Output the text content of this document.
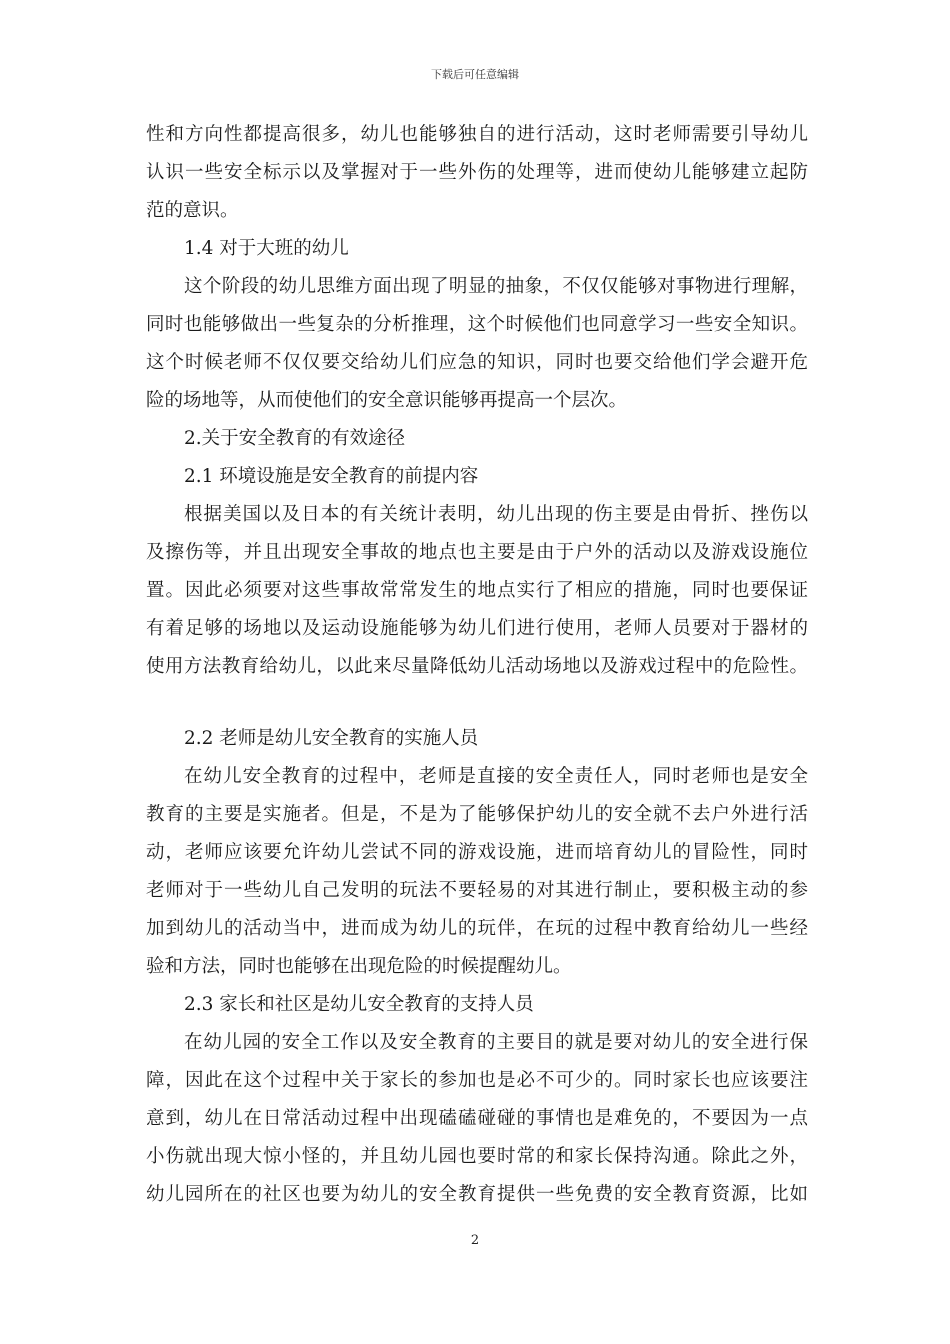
下载后可任意编辑
性和方向性都提高很多，幼儿也能够独自的进行活动，这时老师需要引导幼儿
认识一些安全标示以及掌握对于一些外伤的处理等，进而使幼儿能够建立起防
范的意识。
1.4 对于大班的幼儿
这个阶段的幼儿思维方面出现了明显的抽象，不仅仅能够对事物进行理解，
同时也能够做出一些复杂的分析推理，这个时候他们也同意学习一些安全知识。
这个时候老师不仅仅要交给幼儿们应急的知识，同时也要交给他们学会避开危
险的场地等，从而使他们的安全意识能够再提高一个层次。
2.关于安全教育的有效途径
2.1 环境设施是安全教育的前提内容
根据美国以及日本的有关统计表明，幼儿出现的伤主要是由骨折、挫伤以
及擦伤等，并且出现安全事故的地点也主要是由于户外的活动以及游戏设施位
置。因此必须要对这些事故常常发生的地点实行了相应的措施，同时也要保证
有着足够的场地以及运动设施能够为幼儿们进行使用，老师人员要对于器材的
使用方法教育给幼儿，以此来尽量降低幼儿活动场地以及游戏过程中的危险性。
2.2 老师是幼儿安全教育的实施人员
在幼儿安全教育的过程中，老师是直接的安全责任人，同时老师也是安全
教育的主要是实施者。但是，不是为了能够保护幼儿的安全就不去户外进行活
动，老师应该要允许幼儿尝试不同的游戏设施，进而培育幼儿的冒险性，同时
老师对于一些幼儿自己发明的玩法不要轻易的对其进行制止，要积极主动的参
加到幼儿的活动当中，进而成为幼儿的玩伴，在玩的过程中教育给幼儿一些经
验和方法，同时也能够在出现危险的时候提醒幼儿。
2.3 家长和社区是幼儿安全教育的支持人员
在幼儿园的安全工作以及安全教育的主要目的就是要对幼儿的安全进行保
障，因此在这个过程中关于家长的参加也是必不可少的。同时家长也应该要注
意到，幼儿在日常活动过程中出现磕磕碰碰的事情也是难免的，不要因为一点
小伤就出现大惊小怪的，并且幼儿园也要时常的和家长保持沟通。除此之外，
幼儿园所在的社区也要为幼儿的安全教育提供一些免费的安全教育资源，比如
2
